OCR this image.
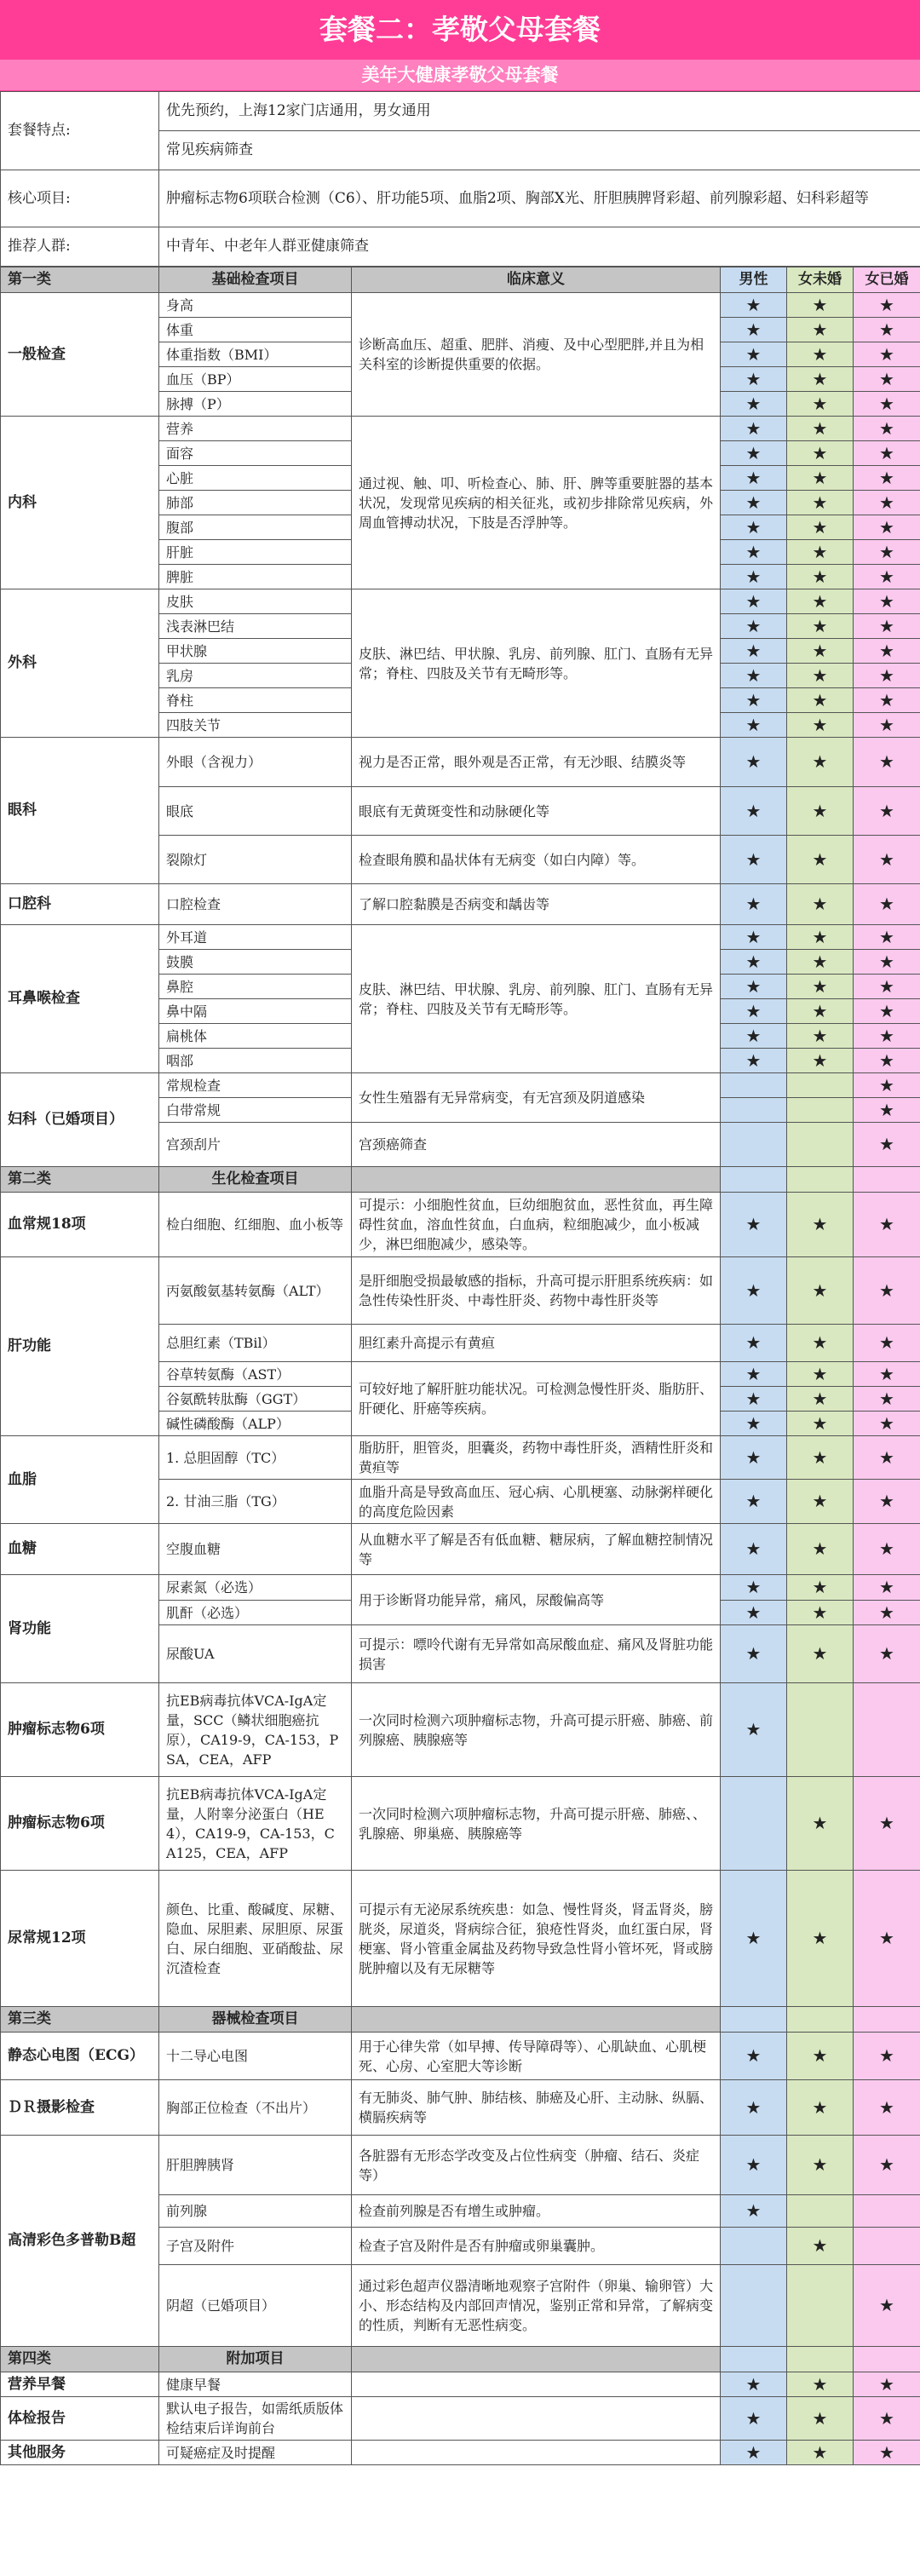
套餐二：孝敬父母套餐
美年大健康孝敬父母套餐
套餐特点:	优先预约，上海12家门店通用，男女通用
	常见疾病筛查
核心项目:	肿瘤标志物6项联合检测（C6）、肝功能5项、血脂2项、胸部X光、肝胆胰脾肾彩超、前列腺彩超、妇科彩超等
推荐人群:	中青年、中老年人群亚健康筛查
第一类	基础检查项目	临床意义	男性	女未婚	女已婚
一般检查	身高	诊断高血压、超重、肥胖、消瘦、及中心型肥胖,并且为相关科室的诊断提供重要的依据。	★	★	★
	体重		★	★	★
	体重指数（BMI）		★	★	★
	血压（BP）		★	★	★
	脉搏（P）		★	★	★
内科	营养	通过视、触、叩、听检查心、肺、肝、脾等重要脏器的基本状况，发现常见疾病的相关征兆，或初步排除常见疾病，外周血管搏动状况，下肢是否浮肿等。	★	★	★
	面容		★	★	★
	心脏		★	★	★
	肺部		★	★	★
	腹部		★	★	★
	肝脏		★	★	★
	脾脏		★	★	★
外科	皮肤	皮肤、淋巴结、甲状腺、乳房、前列腺、肛门、直肠有无异常；脊柱、四肢及关节有无畸形等。	★	★	★
	浅表淋巴结		★	★	★
	甲状腺		★	★	★
	乳房		★	★	★
	脊柱		★	★	★
	四肢关节		★	★	★
眼科	外眼（含视力）	视力是否正常，眼外观是否正常，有无沙眼、结膜炎等	★	★	★
	眼底	眼底有无黄斑变性和动脉硬化等	★	★	★
	裂隙灯	检查眼角膜和晶状体有无病变（如白内障）等。	★	★	★
口腔科	口腔检查	了解口腔黏膜是否病变和龋齿等	★	★	★
耳鼻喉检查	外耳道	皮肤、淋巴结、甲状腺、乳房、前列腺、肛门、直肠有无异常；脊柱、四肢及关节有无畸形等。	★	★	★
	鼓膜		★	★	★
	鼻腔		★	★	★
	鼻中隔		★	★	★
	扁桃体		★	★	★
	咽部		★	★	★
妇科（已婚项目）	常规检查	女性生殖器有无异常病变，有无宫颈及阴道感染			★
	白带常规				★
	宫颈刮片	宫颈癌筛查			★
第二类	生化检查项目				
血常规18项	检白细胞、红细胞、血小板等	可提示：小细胞性贫血，巨幼细胞贫血，恶性贫血，再生障碍性贫血，溶血性贫血，白血病，粒细胞减少，血小板减少，淋巴细胞减少，感染等。	★	★	★
肝功能	丙氨酸氨基转氨酶（ALT）	是肝细胞受损最敏感的指标，升高可提示肝胆系统疾病：如急性传染性肝炎、中毒性肝炎、药物中毒性肝炎等	★	★	★
	总胆红素（TBil）	胆红素升高提示有黄疸	★	★	★
	谷草转氨酶（AST）	可较好地了解肝脏功能状况。可检测急慢性肝炎、脂肪肝、肝硬化、肝癌等疾病。	★	★	★
	谷氨酰转肽酶（GGT）		★	★	★
	碱性磷酸酶（ALP）		★	★	★
血脂	1. 总胆固醇（TC）	脂肪肝，胆管炎，胆囊炎，药物中毒性肝炎，酒精性肝炎和黄疸等	★	★	★
	2. 甘油三脂（TG）	血脂升高是导致高血压、冠心病、心肌梗塞、动脉粥样硬化的高度危险因素	★	★	★
血糖	空腹血糖	从血糖水平了解是否有低血糖、糖尿病，了解血糖控制情况等	★	★	★
肾功能	尿素氮（必选）	用于诊断肾功能异常，痛风，尿酸偏高等	★	★	★
	肌酐（必选）		★	★	★
	尿酸UA	可提示：嘌呤代谢有无异常如高尿酸血症、痛风及肾脏功能损害	★	★	★
肿瘤标志物6项	抗EB病毒抗体VCA-IgA定量，SCC（鳞状细胞癌抗原），CA19-9，CA-153，PSA，CEA，AFP	一次同时检测六项肿瘤标志物，升高可提示肝癌、肺癌、前列腺癌、胰腺癌等	★		
肿瘤标志物6项	抗EB病毒抗体VCA-IgA定量，人附睾分泌蛋白（HE4），CA19-9，CA-153，CA125，CEA，AFP	一次同时检测六项肿瘤标志物，升高可提示肝癌、肺癌、、乳腺癌、卵巢癌、胰腺癌等		★	★
尿常规12项	颜色、比重、酸碱度、尿糖、隐血、尿胆素、尿胆原、尿蛋白、尿白细胞、亚硝酸盐、尿沉渣检查	可提示有无泌尿系统疾患：如急、慢性肾炎，肾盂肾炎，膀胱炎，尿道炎，肾病综合征，狼疮性肾炎，血红蛋白尿，肾梗塞、肾小管重金属盐及药物导致急性肾小管坏死，肾或膀胱肿瘤以及有无尿糖等	★	★	★
第三类	器械检查项目				
静态心电图（ECG）	十二导心电图	用于心律失常（如早搏、传导障碍等）、心肌缺血、心肌梗死、心房、心室肥大等诊断	★	★	★
ＤＲ摄影检查	胸部正位检查（不出片）	有无肺炎、肺气肿、肺结核、肺癌及心肝、主动脉、纵膈、横膈疾病等	★	★	★
高清彩色多普勒B超	肝胆脾胰肾	各脏器有无形态学改变及占位性病变（肿瘤、结石、炎症等）	★	★	★
	前列腺	检查前列腺是否有增生或肿瘤。	★		
	子宫及附件	检查子宫及附件是否有肿瘤或卵巢囊肿。		★	
	阴超（已婚项目）	通过彩色超声仪器清晰地观察子宫附件（卵巢、输卵管）大小、形态结构及内部回声情况，鉴别正常和异常，了解病变的性质，判断有无恶性病变。			★
第四类	附加项目				
营养早餐	健康早餐		★	★	★
体检报告	默认电子报告，如需纸质版体检结束后详询前台		★	★	★
其他服务	可疑癌症及时提醒		★	★	★
